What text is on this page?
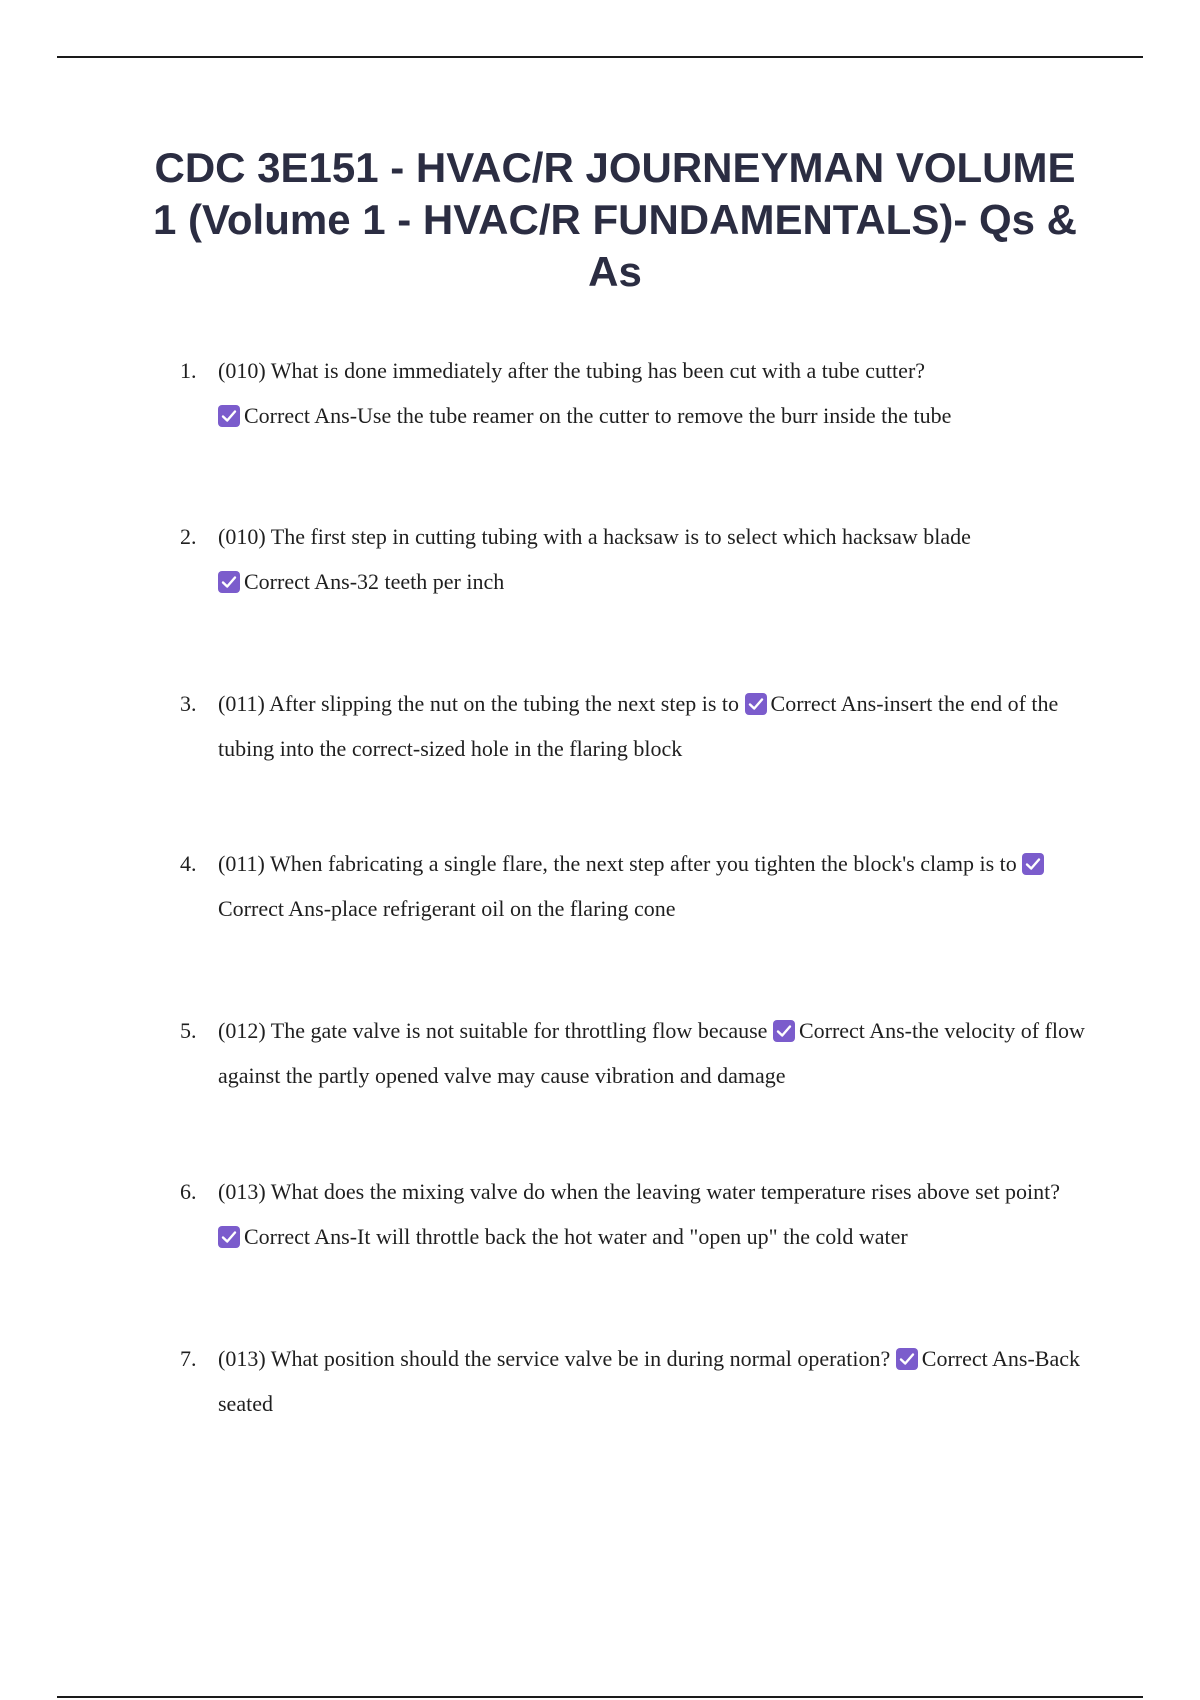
CDC 3E151 - HVAC/R JOURNEYMAN VOLUME 1 (Volume 1 - HVAC/R FUNDAMENTALS)- Qs & As
1. (010) What is done immediately after the tubing has been cut with a tube cutter?
Correct Ans-Use the tube reamer on the cutter to remove the burr inside the tube
2. (010) The first step in cutting tubing with a hacksaw is to select which hacksaw blade
Correct Ans-32 teeth per inch
3. (011) After slipping the nut on the tubing the next step is to Correct Ans-insert the end of the tubing into the correct-sized hole in the flaring block
4. (011) When fabricating a single flare, the next step after you tighten the block's clamp is to
Correct Ans-place refrigerant oil on the flaring cone
5. (012) The gate valve is not suitable for throttling flow because Correct Ans-the velocity of flow against the partly opened valve may cause vibration and damage
6. (013) What does the mixing valve do when the leaving water temperature rises above set point?
Correct Ans-It will throttle back the hot water and "open up" the cold water
7. (013) What position should the service valve be in during normal operation? Correct Ans-Back seated
